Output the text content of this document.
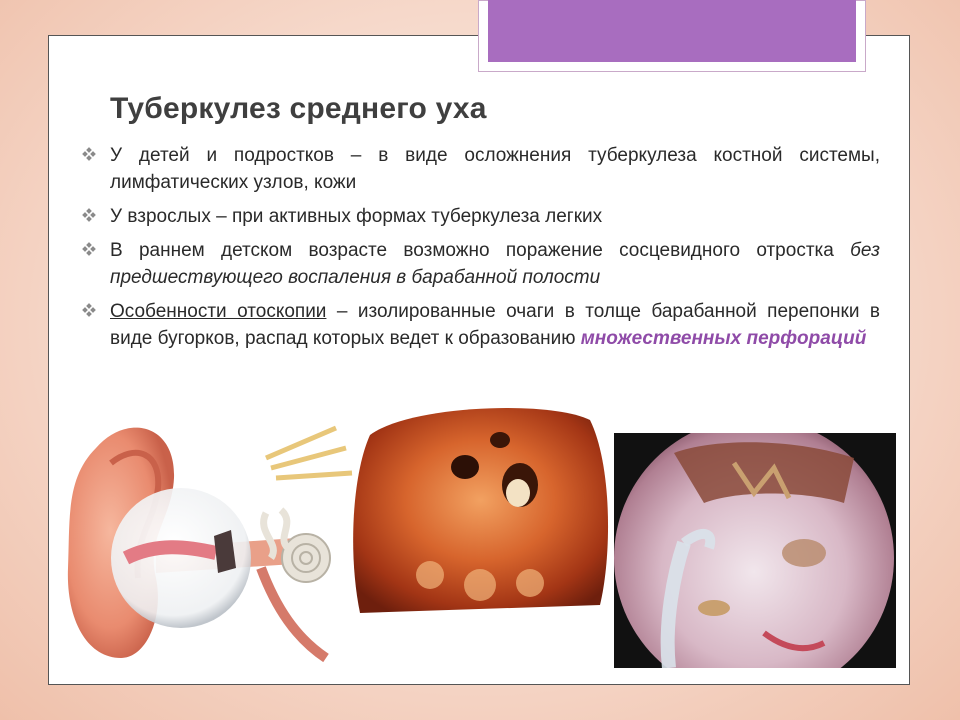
Туберкулез среднего уха
У детей и подростков – в виде осложнения туберкулеза костной системы, лимфатических узлов, кожи
У взрослых – при активных формах туберкулеза легких
В раннем детском возрасте возможно поражение сосцевидного отростка без предшествующего воспаления в барабанной полости
Особенности отоскопии – изолированные очаги в толще барабанной перепонки в виде бугорков, распад которых ведет к образованию множественных перфораций
